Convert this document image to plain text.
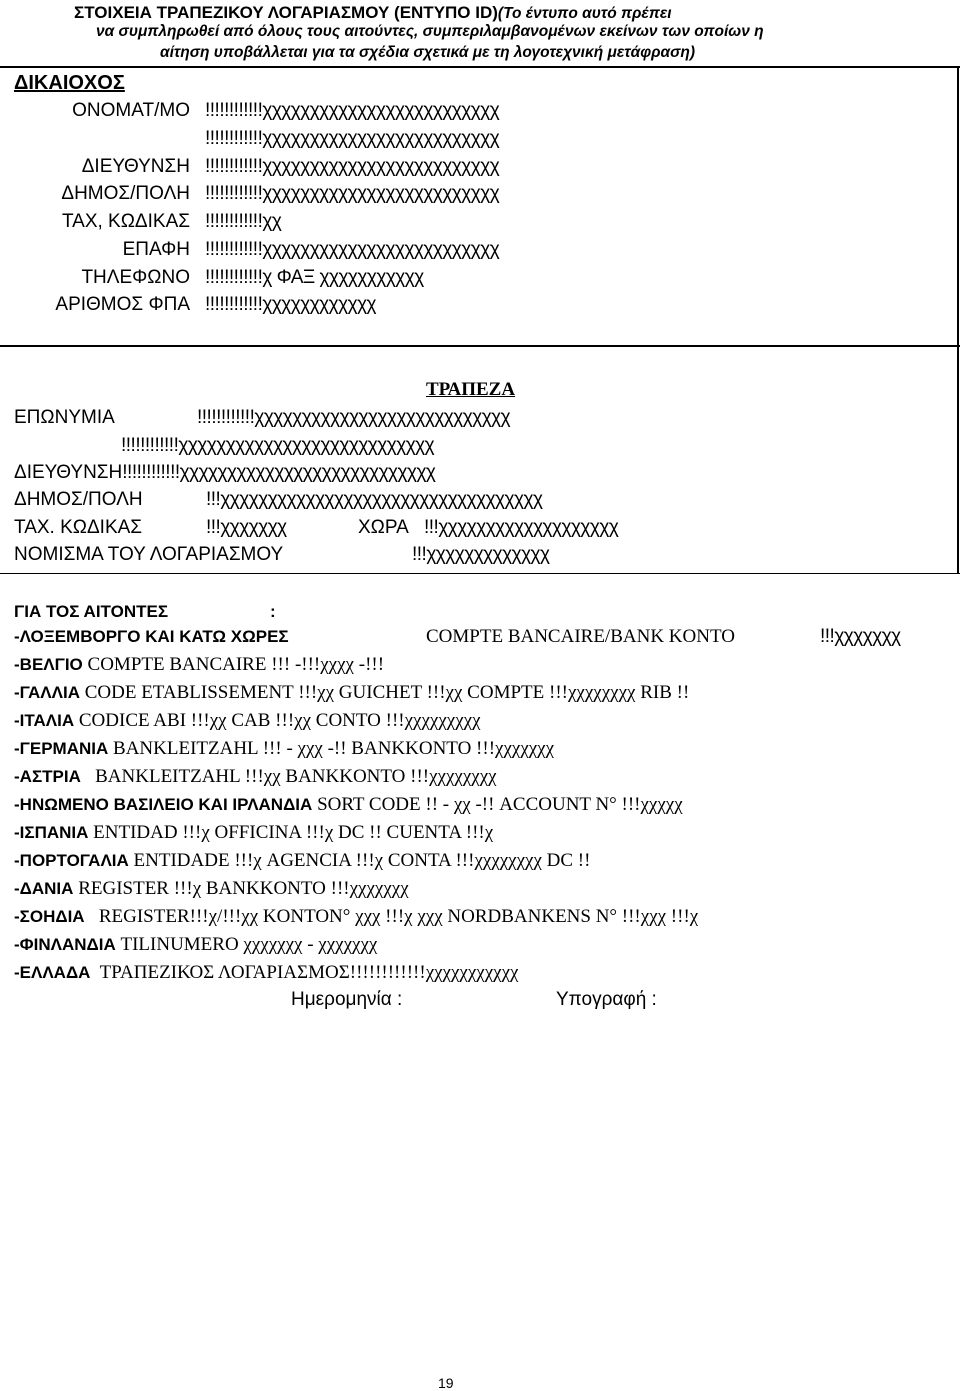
ΣΤΟΙΧΕΙΑ ΤΡΑΠΕΖΙΚΟΥ ΛΟΓΑΡΙΑΣΜΟΥ (ΕΝΤΥΠΟ ID)(Το έντυπο αυτό πρέπει
να συμπληρωθεί από όλους τους αιτούντες, συμπεριλαμβανομένων εκείνων των οποίων η
αίτηση υποβάλλεται για τα σχέδια σχετικά με τη λογοτεχνική μετάφραση)
ΔΙΚΑΙΟΧΟΣ
ΟΝΟΜΑΤ/ΜΟ !!!!!!!!!!!!χχχχχχχχχχχχχχχχχχχχχχχχχ
!!!!!!!!!!!!χχχχχχχχχχχχχχχχχχχχχχχχχ
ΔΙΕΥΘΥΝΣΗ !!!!!!!!!!!!χχχχχχχχχχχχχχχχχχχχχχχχχ
ΔΗΜΟΣ/ΠΟΛΗ !!!!!!!!!!!!χχχχχχχχχχχχχχχχχχχχχχχχχ
ΤΑΧ, ΚΩΔΙΚΑΣ !!!!!!!!!!!!χχ
ΕΠΑΦΗ !!!!!!!!!!!!χχχχχχχχχχχχχχχχχχχχχχχχχ
ΤΗΛΕΦΩΝΟ !!!!!!!!!!!!χ ΦΑΞ χχχχχχχχχχχ
ΑΡΙΘΜΟΣ ΦΠΑ !!!!!!!!!!!!χχχχχχχχχχχχ
ΤΡΑΠΕΖΑ
ΕΠΩΝΥΜΙΑ	!!!!!!!!!!!!χχχχχχχχχχχχχχχχχχχχχχχχχχχ
!!!!!!!!!!!!χχχχχχχχχχχχχχχχχχχχχχχχχχχ
ΔΙΕΥΘΥΝΣΗ!!!!!!!!!!!!χχχχχχχχχχχχχχχχχχχχχχχχχχχ
ΔΗΜΟΣ/ΠΟΛΗ	!!!χχχχχχχχχχχχχχχχχχχχχχχχχχχχχχχχχχ
ΤΑΧ. ΚΩΔΙΚΑΣ	!!!χχχχχχχ	ΧΩΡΑ !!!χχχχχχχχχχχχχχχχχχχ
ΝΟΜΙΣΜΑ ΤΟΥ ΛΟΓΑΡΙΑΣΜΟΥ	!!!χχχχχχχχχχχχχ
ΓΙΑ ΤΟΣ ΑΙΤΟΝΤΕΣ	:
-ΛΟΞΕΜΒΟΡΓΟ ΚΑΙ ΚΑΤΩ ΧΩΡΕΣ	COMPTE BANCAIRE/BANK KONTO	!!!χχχχχχχ
-ΒΕΛΓΙΟ COMPTE BANCAIRE !!! -!!!χχχχ -!!!
-ΓΑΛΛΙΑ CODE ETABLISSEMENT !!!χχ GUICHET !!!χχ COMPTE !!!χχχχχχχχ RIB !!
-ΙΤΑΛΙΑ CODICE ABI !!!χχ CAB !!!χχ CONTO !!!χχχχχχχχχ
-ΓΕΡΜΑΝΙΑ BANKLEITZAHL !!! - χχχ -!! BANKKONTO !!!χχχχχχχ
-ΑΣΤΡΙΑ   BANKLEITZAHL !!!χχ BANKKONTO !!!χχχχχχχχ
-ΗΝΩΜΕΝΟ ΒΑΣΙΛΕΙΟ ΚΑΙ ΙΡΛΑΝΔΙΑ SORT CODE !! - χχ -!! ACCOUNT N° !!!χχχχχ
-ΙΣΠΑΝΙΑ ENTIDAD !!!χ OFFICINA !!!χ DC !! CUENTA !!!χ
-ΠΟΡΤΟΓΑΛΙΑ ENTIDADE !!!χ AGENCIA !!!χ CONTA !!!χχχχχχχχ DC !!
-ΔΑΝΙΑ REGISTER !!!χ BANKKONTO !!!χχχχχχχ
-ΣΟΗΔΙΑ   REGISTER!!!χ/!!!χχ KONTON° χχχ !!!χ χχχ NORDBANKENS N° !!!χχχ !!!χ
-ΦΙΝΛΑΝΔΙΑ TILINUMERO χχχχχχχ - χχχχχχχ
-ΕΛΛΑΔΑ  ΤΡΑΠΕΖΙΚΟΣ ΛΟΓΑΡΙΑΣΜΟΣ!!!!!!!!!!!!χχχχχχχχχχχ
Ημερομηνία :	Υπογραφή :
19
